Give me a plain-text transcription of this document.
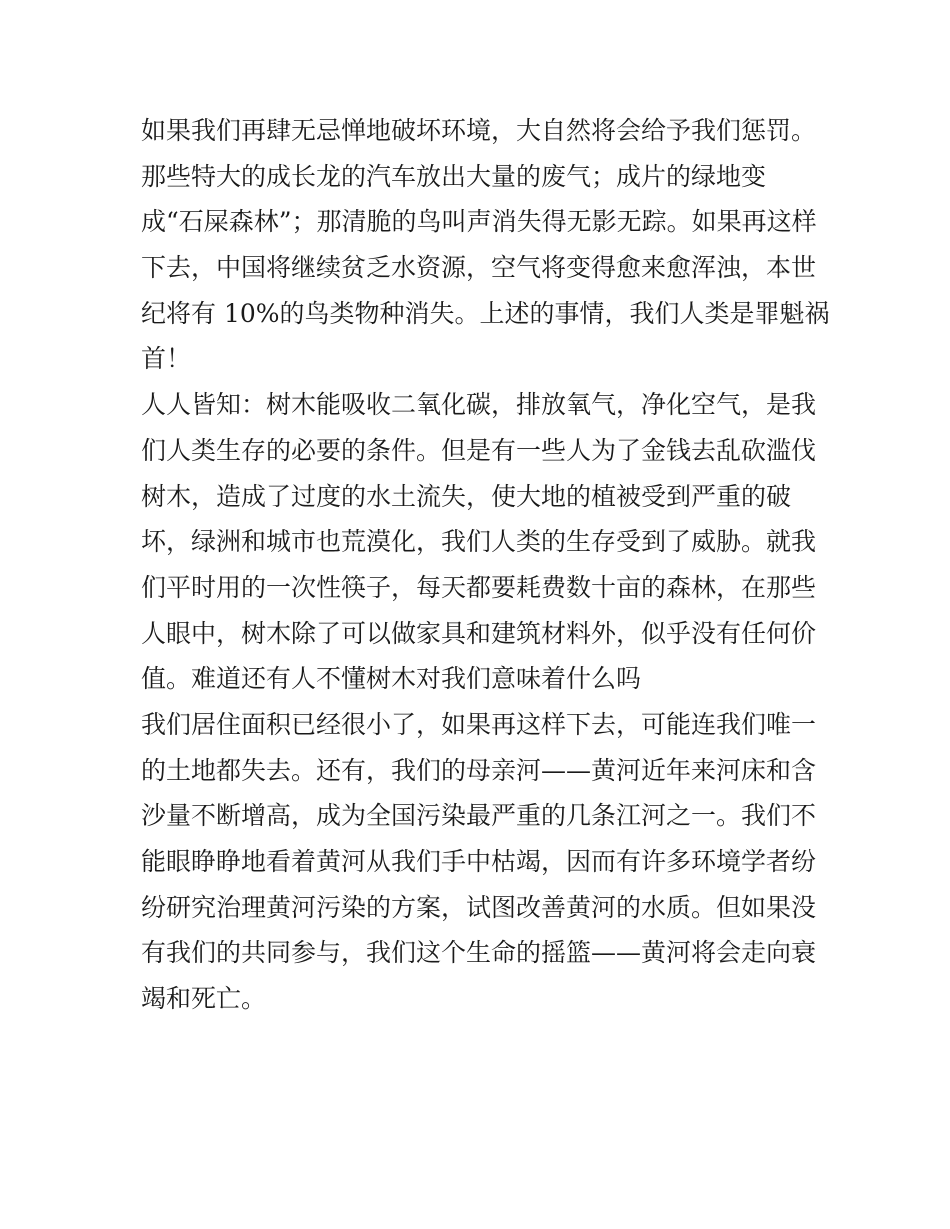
如果我们再肆无忌惮地破坏环境，大自然将会给予我们惩罚。
那些特大的成长龙的汽车放出大量的废气；成片的绿地变
成“石屎森林”；那清脆的鸟叫声消失得无影无踪。如果再这样
下去，中国将继续贫乏水资源，空气将变得愈来愈浑浊，本世
纪将有 10%的鸟类物种消失。上述的事情，我们人类是罪魁祸
首！
人人皆知：树木能吸收二氧化碳，排放氧气，净化空气，是我
们人类生存的必要的条件。但是有一些人为了金钱去乱砍滥伐
树木，造成了过度的水土流失，使大地的植被受到严重的破
坏，绿洲和城市也荒漠化，我们人类的生存受到了威胁。就我
们平时用的一次性筷子，每天都要耗费数十亩的森林，在那些
人眼中，树木除了可以做家具和建筑材料外，似乎没有任何价
值。难道还有人不懂树木对我们意味着什么吗
我们居住面积已经很小了，如果再这样下去，可能连我们唯一
的土地都失去。还有，我们的母亲河——黄河近年来河床和含
沙量不断增高，成为全国污染最严重的几条江河之一。我们不
能眼睁睁地看着黄河从我们手中枯竭，因而有许多环境学者纷
纷研究治理黄河污染的方案，试图改善黄河的水质。但如果没
有我们的共同参与，我们这个生命的摇篮——黄河将会走向衰
竭和死亡。
